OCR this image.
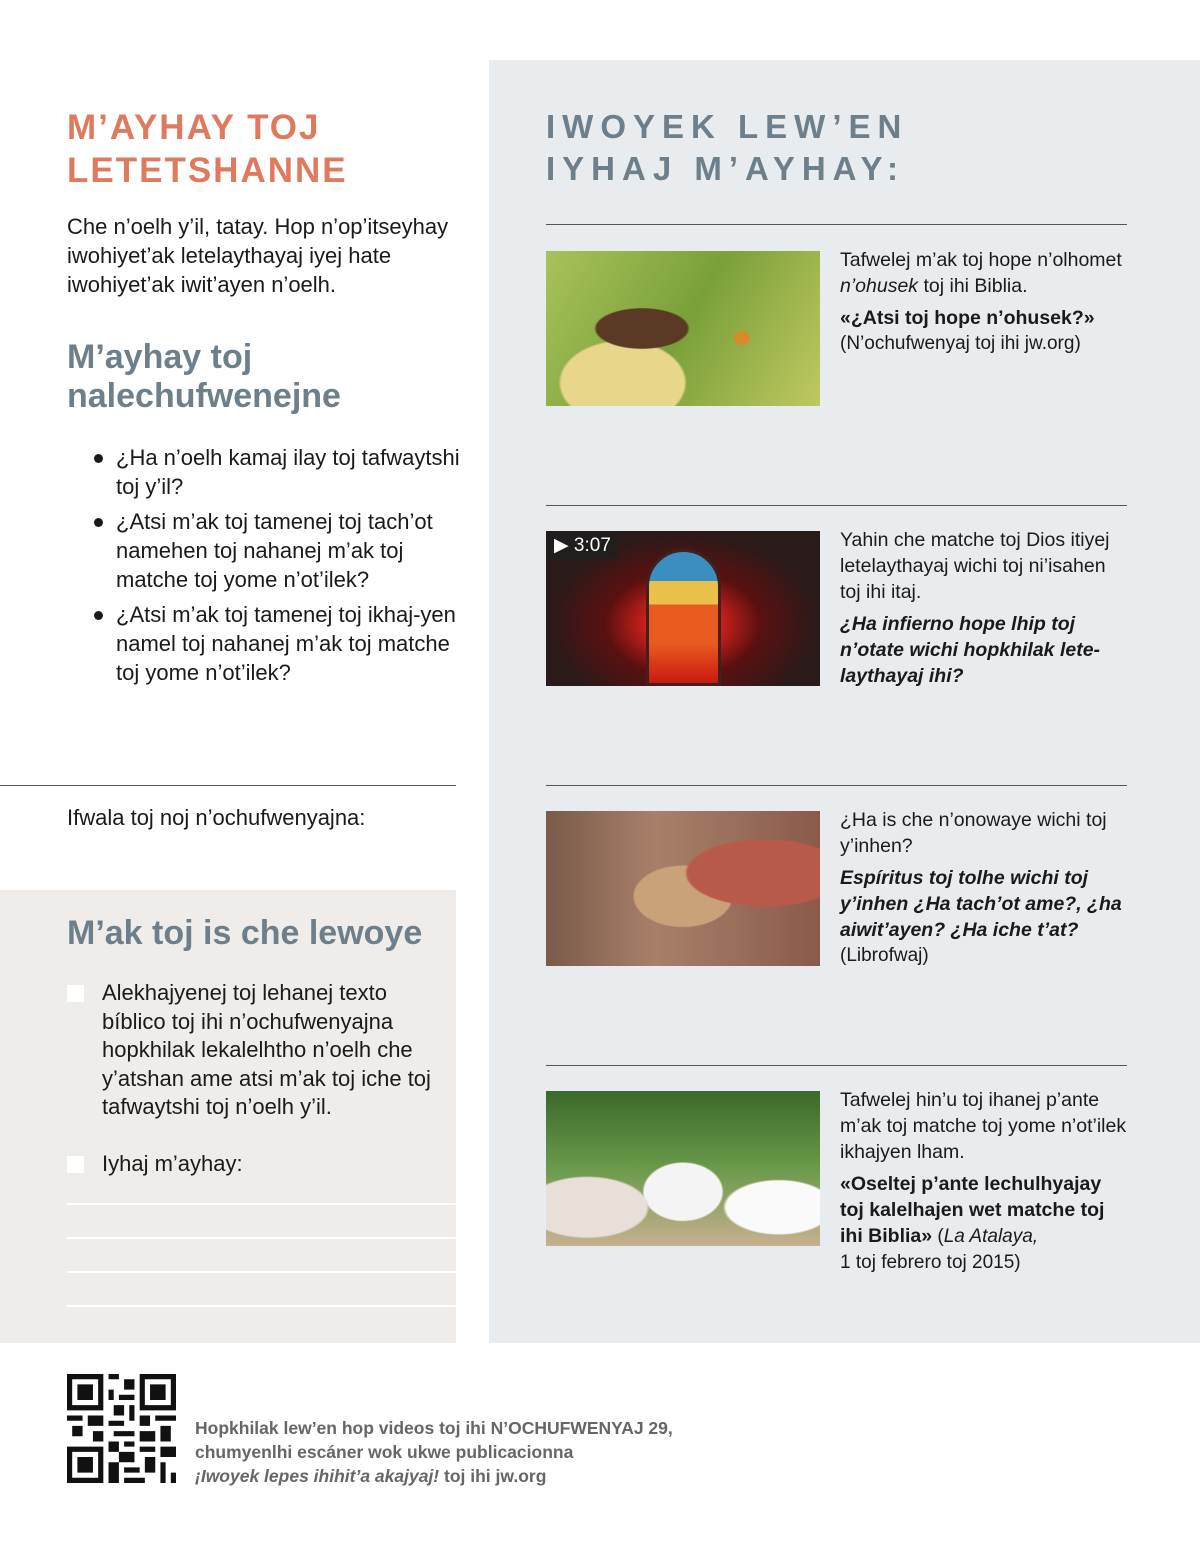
M’AYHAY TOJ LETETSHANNE

Che n’oelh y’il, tatay. Hop n’op’itseyhay iwohiyet’ak letelaythayaj iyej hate iwohiyet’ak iwit’ayen n’oelh.

M’ayhay toj nalechufwenejne
¿Ha n’oelh kamaj ilay toj tafwaytshi toj y’il?
¿Atsi m’ak toj tamenej toj tach’ot namehen toj nahanej m’ak toj matche toj yome n’ot’ilek?
¿Atsi m’ak toj tamenej toj ikhaj-yen namel toj nahanej m’ak toj matche toj yome n’ot’ilek?
Ifwala toj noj n’ochufwenyajna:
M’ak toj is che lewoye
Alekhajyenej toj lehanej texto bíblico toj ihi n’ochufwenyajna hopkhilak lekalelhtho n’oelh che y’atshan ame atsi m’ak toj iche toj tafwaytshi toj n’oelh y’il.
Iyhaj m’ayhay:
IWOYEK LEW’EN
IYHAJ M’AYHAY:
Tafwelej m’ak toj hope n’olhomet n’ohusek toj ihi Biblia.
«¿Atsi toj hope n’ohusek?»
(N’ochufwenyaj toj ihi jw.org)
▶ 3:07	Yahin che matche toj Dios itiyej letelaythayaj wichi toj ni’isahen toj ihi itaj.
¿Ha infierno hope lhip toj n’otate wichi hopkhilak lete-laythayaj ihi?
¿Ha is che n’onowaye wichi toj y’inhen?
Espíritus toj tolhe wichi toj y’inhen ¿Ha tach’ot ame?, ¿ha aiwit’ayen? ¿Ha iche t’at?
(Librofwaj)
Tafwelej hin’u toj ihanej p’ante m’ak toj matche toj yome n’ot’ilek ikhajyen lham.
«Oseltej p’ante lechulhyajay toj kalelhajen wet matche toj ihi Biblia» (La Atalaya,
1 toj febrero toj 2015)
Hopkhilak lew’en hop videos toj ihi N’OCHUFWENYAJ 29,
chumyenlhi escáner wok ukwe publicacionna
¡Iwoyek lepes ihihit’a akajyaj! toj ihi jw.org
